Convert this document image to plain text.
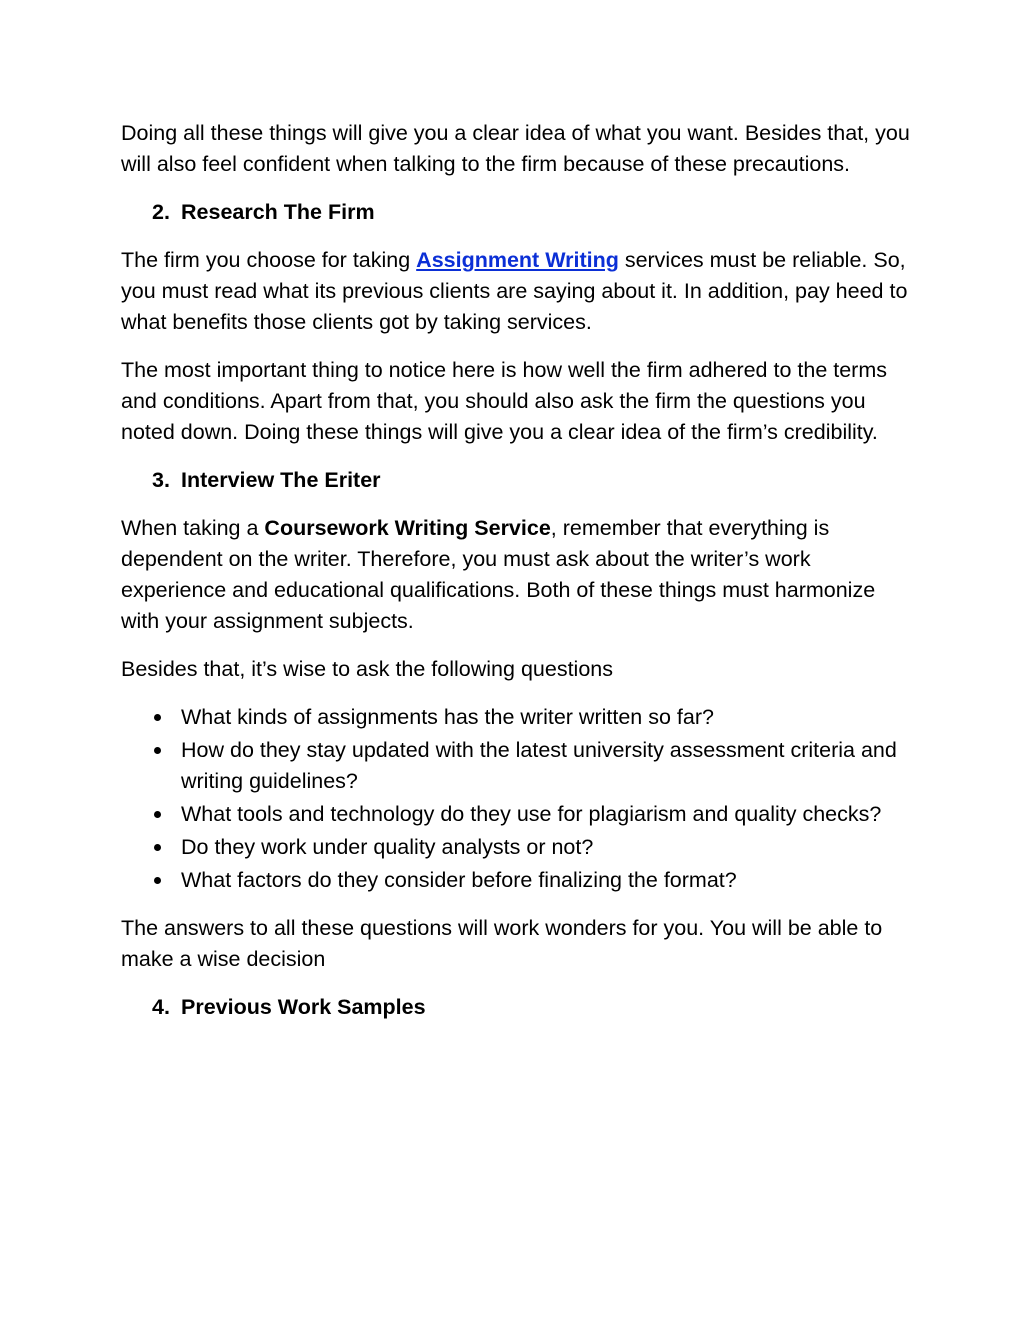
Doing all these things will give you a clear idea of what you want. Besides that, you will also feel confident when talking to the firm because of these precautions.

2. Research The Firm

The firm you choose for taking Assignment Writing services must be reliable. So, you must read what its previous clients are saying about it. In addition, pay heed to what benefits those clients got by taking services.

The most important thing to notice here is how well the firm adhered to the terms and conditions. Apart from that, you should also ask the firm the questions you noted down. Doing these things will give you a clear idea of the firm’s credibility.

3. Interview The Eriter

When taking a Coursework Writing Service, remember that everything is dependent on the writer. Therefore, you must ask about the writer’s work experience and educational qualifications. Both of these things must harmonize with your assignment subjects.

Besides that, it’s wise to ask the following questions

What kinds of assignments has the writer written so far?
How do they stay updated with the latest university assessment criteria and writing guidelines?
What tools and technology do they use for plagiarism and quality checks?
Do they work under quality analysts or not?
What factors do they consider before finalizing the format?

The answers to all these questions will work wonders for you. You will be able to make a wise decision

4. Previous Work Samples
